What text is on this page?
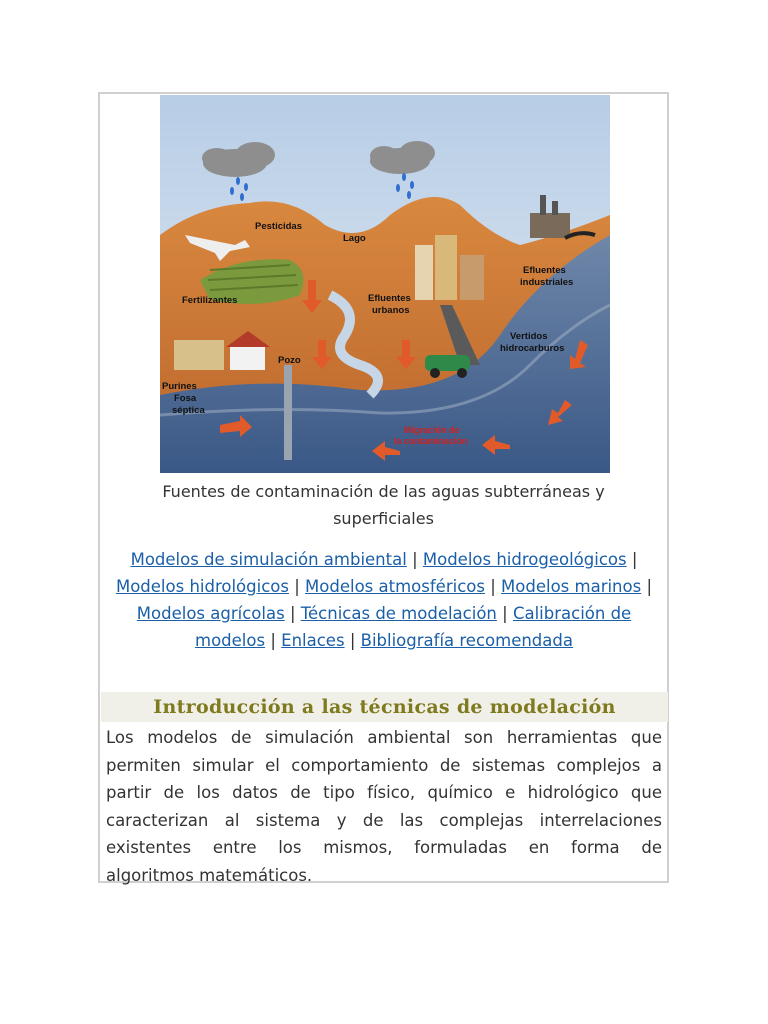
Pesticidas
Lago
Fertilizantes	Efluentes
urbanos
Efluentes
industriales
Vertidos
hidrocarburos
Pozo
Purines
Fosa
séptica
Migración de
la contaminación
Fuentes de contaminación de las aguas subterráneas y
superficiales
Modelos de simulación ambiental | Modelos hidrogeológicos | Modelos hidrológicos | Modelos atmosféricos | Modelos marinos | Modelos agrícolas | Técnicas de modelación | Calibración de modelos | Enlaces | Bibliografía recomendada
Introducción a las técnicas de modelación
Los modelos de simulación ambiental son herramientas que
permiten simular el comportamiento de sistemas complejos a
partir de los datos de tipo físico, químico e hidrológico que
caracterizan al sistema y de las complejas interrelaciones
existentes entre los mismos, formuladas en forma de
algoritmos matemáticos.
